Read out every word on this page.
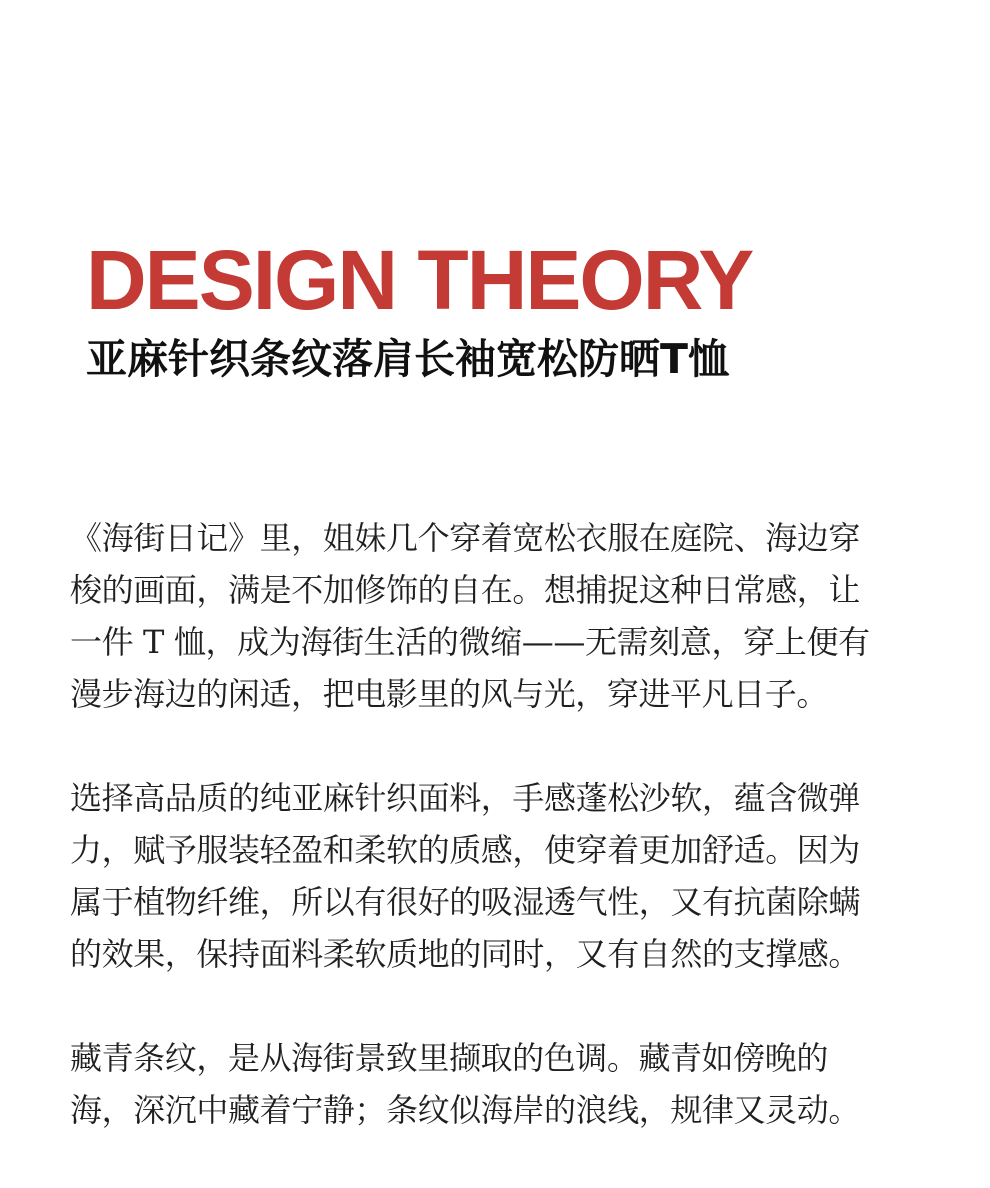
DESIGN THEORY
亚麻针织条纹落肩长袖宽松防晒T恤
《海街日记》里，姐妹几个穿着宽松衣服在庭院、海边穿
梭的画面，满是不加修饰的自在。想捕捉这种日常感，让
一件 T 恤，成为海街生活的微缩——无需刻意，穿上便有
漫步海边的闲适，把电影里的风与光，穿进平凡日子。
选择高品质的纯亚麻针织面料，手感蓬松沙软，蕴含微弹
力，赋予服装轻盈和柔软的质感，使穿着更加舒适。因为
属于植物纤维，所以有很好的吸湿透气性，又有抗菌除螨
的效果，保持面料柔软质地的同时，又有自然的支撑感。
藏青条纹，是从海街景致里撷取的色调。藏青如傍晚的
海，深沉中藏着宁静；条纹似海岸的浪线，规律又灵动。
